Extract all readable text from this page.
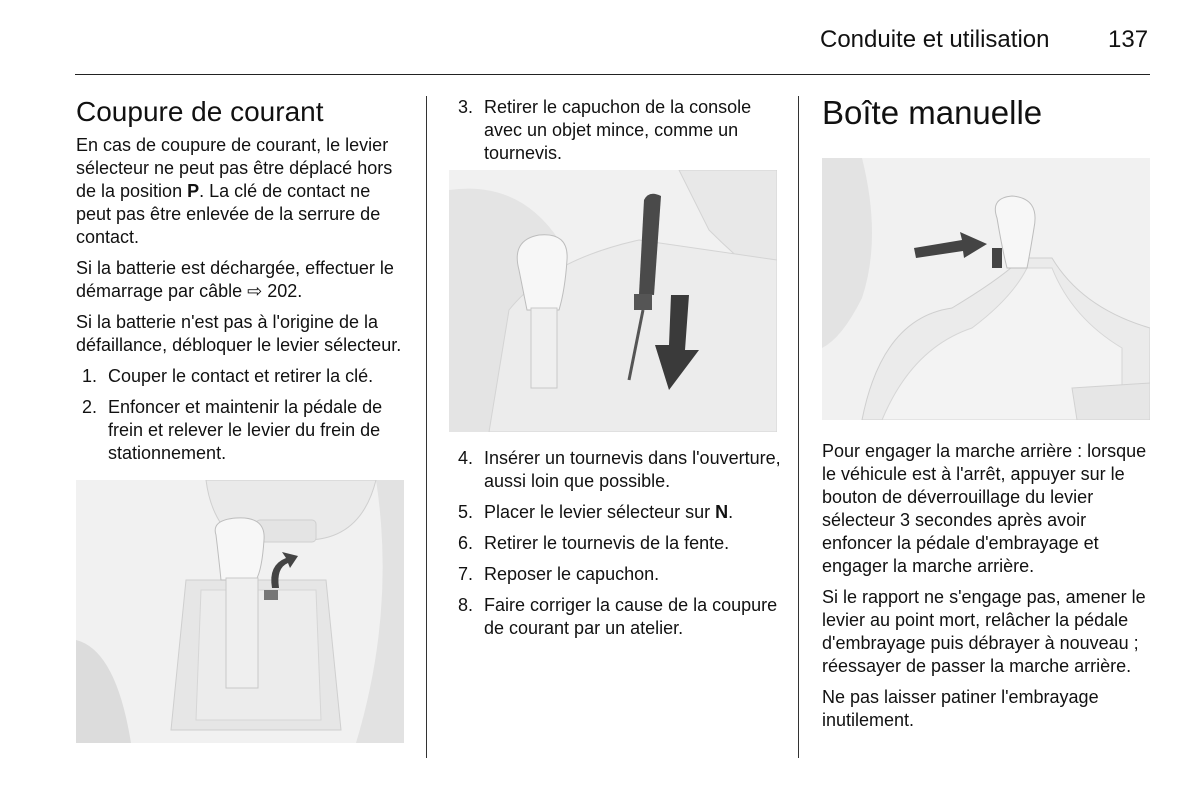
Conduite et utilisation 137
Coupure de courant

En cas de coupure de courant, le levier sélecteur ne peut pas être déplacé hors de la position P. La clé de contact ne peut pas être enlevée de la serrure de contact.

Si la batterie est déchargée, effectuer le démarrage par câble ⇨ 202.

Si la batterie n'est pas à l'origine de la défaillance, débloquer le levier sélecteur.

1. Couper le contact et retirer la clé.
2. Enfoncer et maintenir la pédale de frein et relever le levier du frein de stationnement.
3. Retirer le capuchon de la console avec un objet mince, comme un tournevis.
4. Insérer un tournevis dans l'ouverture, aussi loin que possible.
5. Placer le levier sélecteur sur N.
6. Retirer le tournevis de la fente.
7. Reposer le capuchon.
8. Faire corriger la cause de la coupure de courant par un atelier.
Boîte manuelle

Pour engager la marche arrière : lorsque le véhicule est à l'arrêt, appuyer sur le bouton de déverrouillage du levier sélecteur 3 secondes après avoir enfoncer la pédale d'embrayage et engager la marche arrière.

Si le rapport ne s'engage pas, amener le levier au point mort, relâcher la pédale d'embrayage puis débrayer à nouveau ; réessayer de passer la marche arrière.

Ne pas laisser patiner l'embrayage inutilement.
